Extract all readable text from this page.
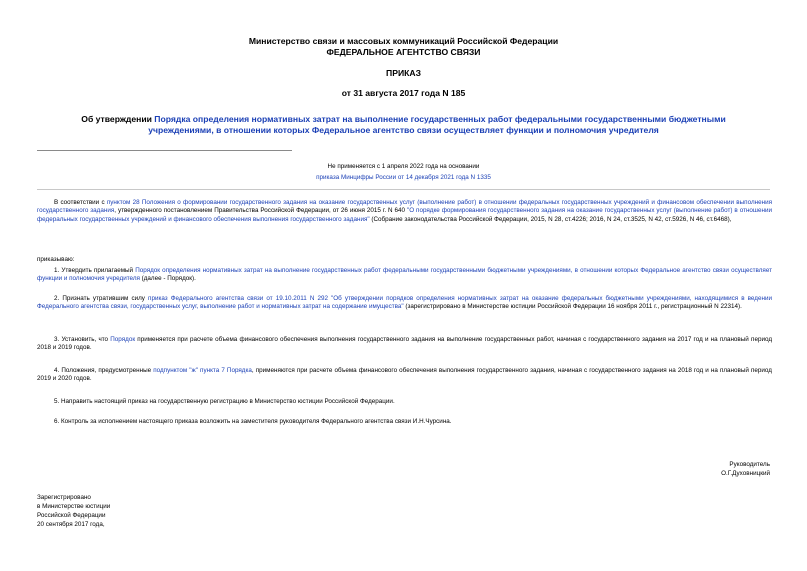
Министерство связи и массовых коммуникаций Российской Федерации
ФЕДЕРАЛЬНОЕ АГЕНТСТВО СВЯЗИ
ПРИКАЗ
от 31 августа 2017 года N 185
Об утверждении Порядка определения нормативных затрат на выполнение государственных работ федеральными государственными бюджетными
учреждениями, в отношении которых Федеральное агентство связи осуществляет функции и полномочия учредителя
Не применяется с 1 апреля 2022 года на основании
приказа Минцифры России от 14 декабря 2021 года N 1335
В соответствии с пунктом 28 Положения о формировании государственного задания на оказание государственных услуг (выполнение работ) в отношении федеральных государственных учреждений и финансовом обеспечении выполнения государственного задания, утвержденного постановлением Правительства Российской Федерации, от 26 июня 2015 г. N 640 "О порядке формирования государственного задания на оказание государственных услуг (выполнение работ) в отношении федеральных государственных учреждений и финансового обеспечения выполнения государственного задания" (Собрание законодательства Российской Федерации, 2015, N 28, ст.4226; 2016, N 24, ст.3525, N 42, ст.5926, N 46, ст.6468),
приказываю:
1. Утвердить прилагаемый Порядок определения нормативных затрат на выполнение государственных работ федеральными государственными бюджетными учреждениями, в отношении которых Федеральное агентство связи осуществляет функции и полномочия учредителя (далее - Порядок).
2. Признать утратившим силу приказ Федерального агентства связи от 19.10.2011 N 292 "Об утверждении порядков определения нормативных затрат на оказание федеральных бюджетными учреждениями, находящимися в ведении Федерального агентства связи, государственных услуг, выполнение работ и нормативных затрат на содержание имущества" (зарегистрировано в Министерстве юстиции Российской Федерации 16 ноября 2011 г., регистрационный N 22314).
3. Установить, что Порядок применяется при расчете объема финансового обеспечения выполнения государственного задания на выполнение государственных работ, начиная с государственного задания на 2017 год и на плановый период 2018 и 2019 годов.
4. Положения, предусмотренные подпунктом "ж" пункта 7 Порядка, применяются при расчете объема финансового обеспечения выполнения государственного задания, начиная с государственного задания на 2018 год и на плановый период 2019 и 2020 годов.
5. Направить настоящий приказ на государственную регистрацию в Министерство юстиции Российской Федерации.
6. Контроль за исполнением настоящего приказа возложить на заместителя руководителя Федерального агентства связи И.Н.Чурсина.
Руководитель
О.Г.Духовницкий
Зарегистрировано
в Министерстве юстиции
Российской Федерации
20 сентября 2017 года,
